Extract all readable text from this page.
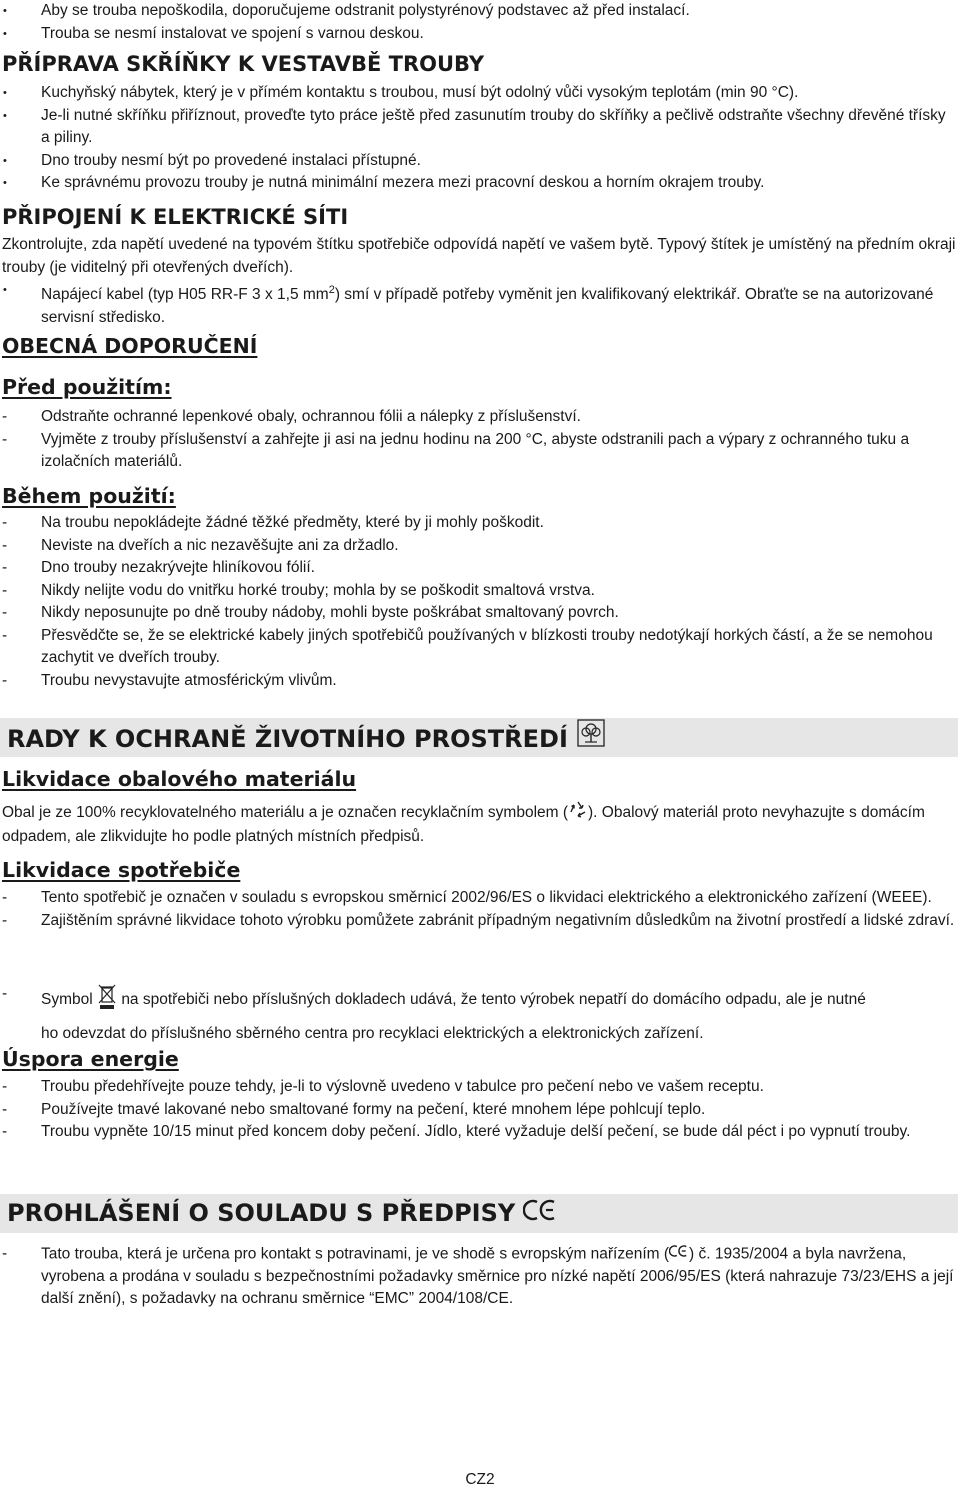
• Aby se trouba nepoškodila, doporučujeme odstranit polystyrénový podstavec až před instalací.
• Trouba se nesmí instalovat ve spojení s varnou deskou.
PŘÍPRAVA SKŘÍŇKY K VESTAVBĚ TROUBY
• Kuchyňský nábytek, který je v přímém kontaktu s troubou, musí být odolný vůči vysokým teplotám (min 90 °C).
• Je-li nutné skříňku přiříznout, proveďte tyto práce ještě před zasunutím trouby do skříňky a pečlivě odstraňte všechny dřevěné třísky a piliny.
• Dno trouby nesmí být po provedené instalaci přístupné.
• Ke správnému provozu trouby je nutná minimální mezera mezi pracovní deskou a horním okrajem trouby.
PŘIPOJENÍ K ELEKTRICKÉ SÍTI
Zkontrolujte, zda napětí uvedené na typovém štítku spotřebiče odpovídá napětí ve vašem bytě. Typový štítek je umístěný na předním okraji trouby (je viditelný při otevřených dveřích).
• Napájecí kabel (typ H05 RR-F 3 x 1,5 $mm^2$) smí v případě potřeby vyměnit jen kvalifikovaný elektrikář. Obraťte se na autorizované servisní středisko.
OBECNÁ DOPORUČENÍ
Před použitím:
- Odstraňte ochranné lepenkové obaly, ochrannou fólii a nálepky z příslušenství.
- Vyjměte z trouby příslušenství a zahřejte ji asi na jednu hodinu na 200 °C, abyste odstranili pach a výpary z ochranného tuku a izolačních materiálů.
Během použití:
- Na troubu nepokládejte žádné těžké předměty, které by ji mohly poškodit.
- Neviste na dveřích a nic nezavěšujte ani za držadlo.
- Dno trouby nezakrývejte hliníkovou fólií.
- Nikdy nelijte vodu do vnitřku horké trouby; mohla by se poškodit smaltová vrstva.
- Nikdy neposunujte po dně trouby nádoby, mohli byste poškrábat smaltovaný povrch.
- Přesvědčte se, že se elektrické kabely jiných spotřebičů používaných v blízkosti trouby nedotýkají horkých částí, a že se nemohou zachytit ve dveřích trouby.
- Troubu nevystavujte atmosférickým vlivům.
RADY K OCHRANĚ ŽIVOTNÍHO PROSTŘEDÍ
Likvidace obalového materiálu
Obal je ze 100% recyklovatelného materiálu a je označen recyklačním symbolem ( ). Obalový materiál proto nevyhazujte s domácím odpadem, ale zlikvidujte ho podle platných místních předpisů.
Likvidace spotřebiče
- Tento spotřebič je označen v souladu s evropskou směrnicí 2002/96/ES o likvidaci elektrického a elektronického zařízení (WEEE).
- Zajištěním správné likvidace tohoto výrobku pomůžete zabránit případným negativním důsledkům na životní prostředí a lidské zdraví.
- Symbol na spotřebiči nebo příslušných dokladech udává, že tento výrobek nepatří do domácího odpadu, ale je nutné
ho odevzdat do příslušného sběrného centra pro recyklaci elektrických a elektronických zařízení.
Úspora energie
- Troubu předehřívejte pouze tehdy, je-li to výslovně uvedeno v tabulce pro pečení nebo ve vašem receptu.
- Používejte tmavé lakované nebo smaltované formy na pečení, které mnohem lépe pohlcují teplo.
- Troubu vypněte 10/15 minut před koncem doby pečení. Jídlo, které vyžaduje delší pečení, se bude dál péct i po vypnutí trouby.
PROHLÁŠENÍ O SOULADU S PŘEDPISY
- Tato trouba, která je určena pro kontakt s potravinami, je ve shodě s evropským nařízením ( ) č. 1935/2004 a byla navržena, vyrobena a prodána v souladu s bezpečnostními požadavky směrnice pro nízké napětí 2006/95/ES (která nahrazuje 73/23/EHS a její další znění), s požadavky na ochranu směrnice “EMC” 2004/108/CE.
CZ2
